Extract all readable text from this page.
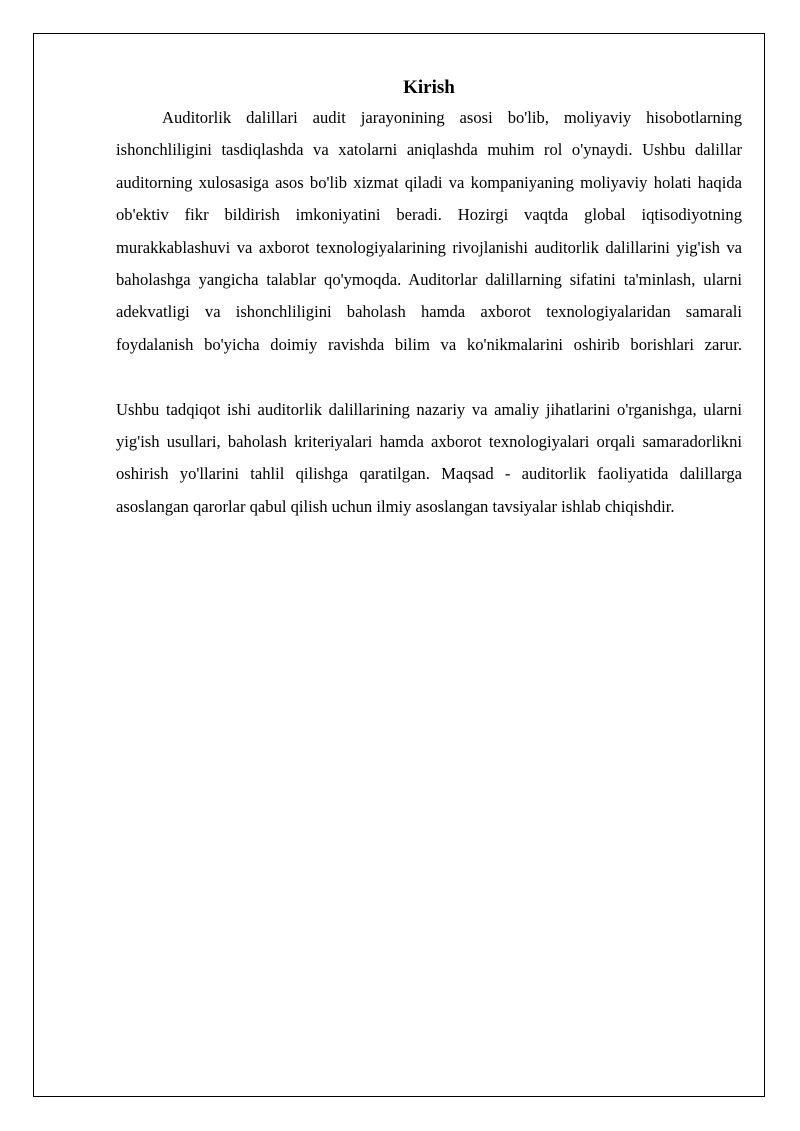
Kirish

Auditorlik dalillari audit jarayonining asosi bo'lib, moliyaviy hisobotlarning ishonchliligini tasdiqlashda va xatolarni aniqlashda muhim rol o'ynaydi. Ushbu dalillar auditorning xulosasiga asos bo'lib xizmat qiladi va kompaniyaning moliyaviy holati haqida ob'ektiv fikr bildirish imkoniyatini beradi. Hozirgi vaqtda global iqtisodiyotning murakkablashuvi va axborot texnologiyalarining rivojlanishi auditorlik dalillarini yig'ish va baholashga yangicha talablar qo'ymoqda. Auditorlar dalillarning sifatini ta'minlash, ularni adekvatligi va ishonchliligini baholash hamda axborot texnologiyalaridan samarali foydalanish bo'yicha doimiy ravishda bilim va ko'nikmalarini oshirib borishlari zarur.

Ushbu tadqiqot ishi auditorlik dalillarining nazariy va amaliy jihatlarini o'rganishga, ularni yig'ish usullari, baholash kriteriyalari hamda axborot texnologiyalari orqali samaradorlikni oshirish yo'llarini tahlil qilishga qaratilgan. Maqsad - auditorlik faoliyatida dalillarga asoslangan qarorlar qabul qilish uchun ilmiy asoslangan tavsiyalar ishlab chiqishdir.
